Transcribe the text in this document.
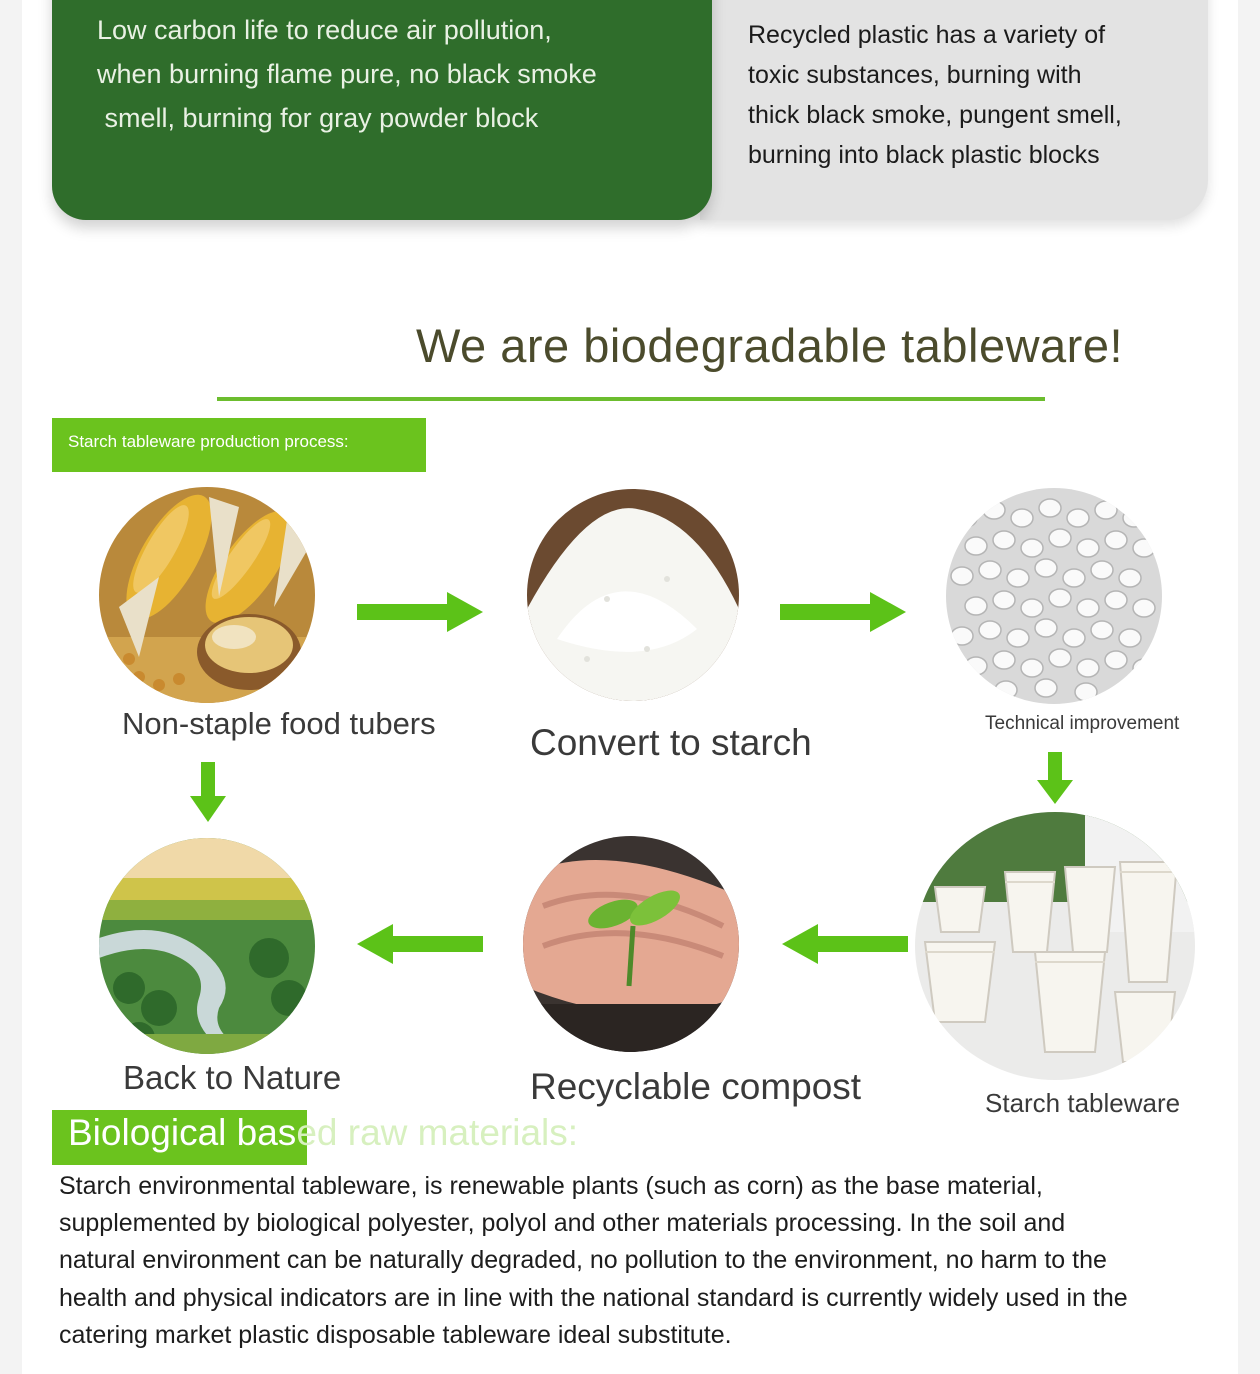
Low carbon life to reduce air pollution,
when burning flame pure, no black smoke
smell, burning for gray powder block
Recycled plastic has a variety of
toxic substances, burning with
thick black smoke, pungent smell,
burning into black plastic blocks
We are biodegradable tableware!
Starch tableware production process:
Non-staple food tubers	Convert to starch	Technical improvement
Back to Nature	Recyclable compost	Starch tableware
Biological based raw materials:
Starch environmental tableware, is renewable plants (such as corn) as the base material,
supplemented by biological polyester, polyol and other materials processing. In the soil and
natural environment can be naturally degraded, no pollution to the environment, no harm to the
health and physical indicators are in line with the national standard is currently widely used in the
catering market plastic disposable tableware ideal substitute.
